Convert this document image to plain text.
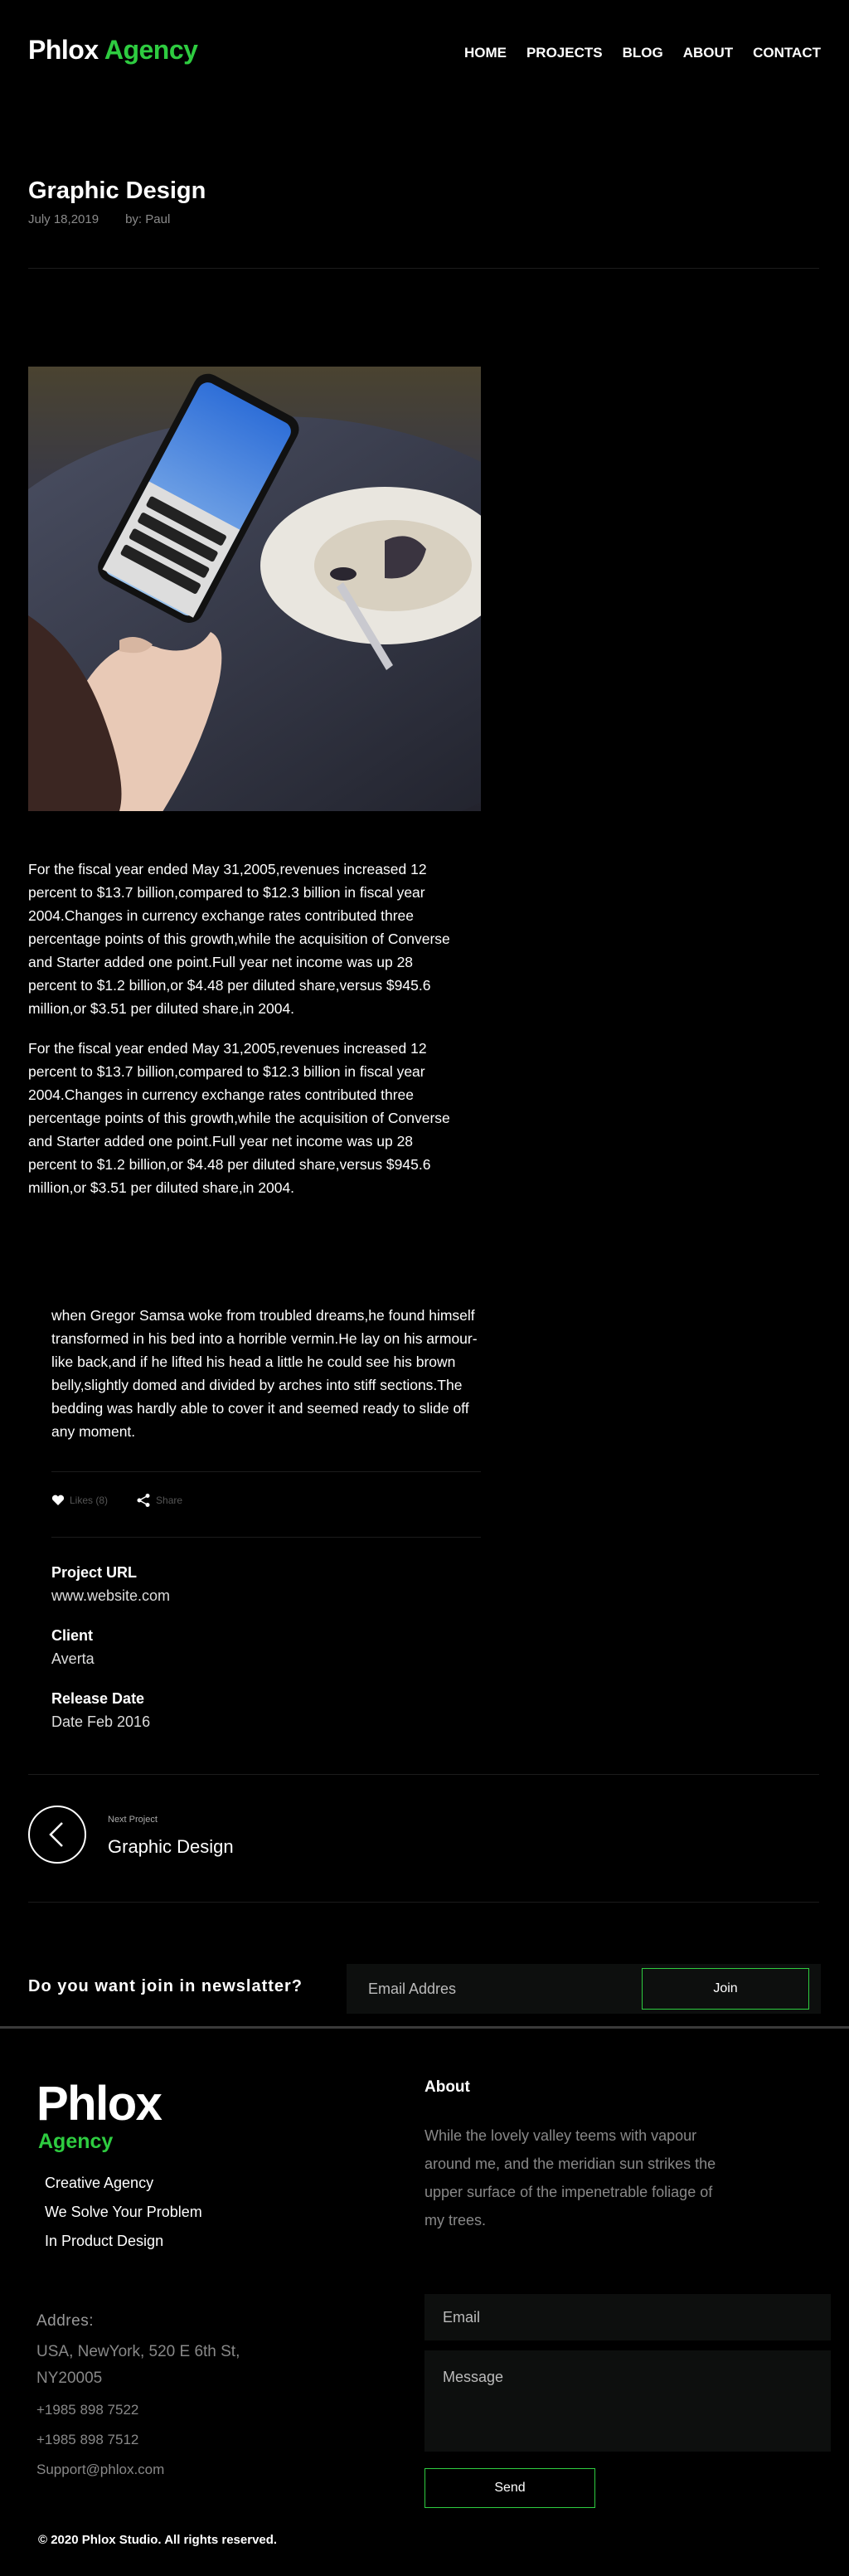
Phlox Agency	HOME PROJECTS BLOG ABOUT CONTACT
Graphic Design
July 18,2019 by: Paul

For the fiscal year ended May 31,2005,revenues increased 12 percent to $13.7 billion,compared to $12.3 billion in fiscal year 2004.Changes in currency exchange rates contributed three percentage points of this growth,while the acquisition of Converse and Starter added one point.Full year net income was up 28 percent to $1.2 billion,or $4.48 per diluted share,versus $945.6 million,or $3.51 per diluted share,in 2004.

For the fiscal year ended May 31,2005,revenues increased 12 percent to $13.7 billion,compared to $12.3 billion in fiscal year 2004.Changes in currency exchange rates contributed three percentage points of this growth,while the acquisition of Converse and Starter added one point.Full year net income was up 28 percent to $1.2 billion,or $4.48 per diluted share,versus $945.6 million,or $3.51 per diluted share,in 2004.

when Gregor Samsa woke from troubled dreams,he found himself transformed in his bed into a horrible vermin.He lay on his armour-like back,and if he lifted his head a little he could see his brown belly,slightly domed and divided by arches into stiff sections.The bedding was hardly able to cover it and seemed ready to slide off any moment.

Likes (8)	Share
Project URL
www.website.com
Client
Averta
Release Date
Date Feb 2016
Next Project
Graphic Design
Do you want join in newslatter?
Email Addres	Join
Phlox
Agency
Creative Agency
We Solve Your Problem
In Product Design
About

While the lovely valley teems with vapour around me, and the meridian sun strikes the upper surface of the impenetrable foliage of my trees.

Addres:
USA, NewYork, 520 E 6th St, NY20005
+1985 898 7522
+1985 898 7512
Support@phlox.com
Email
Message
Send
© 2020 Phlox Studio. All rights reserved.
